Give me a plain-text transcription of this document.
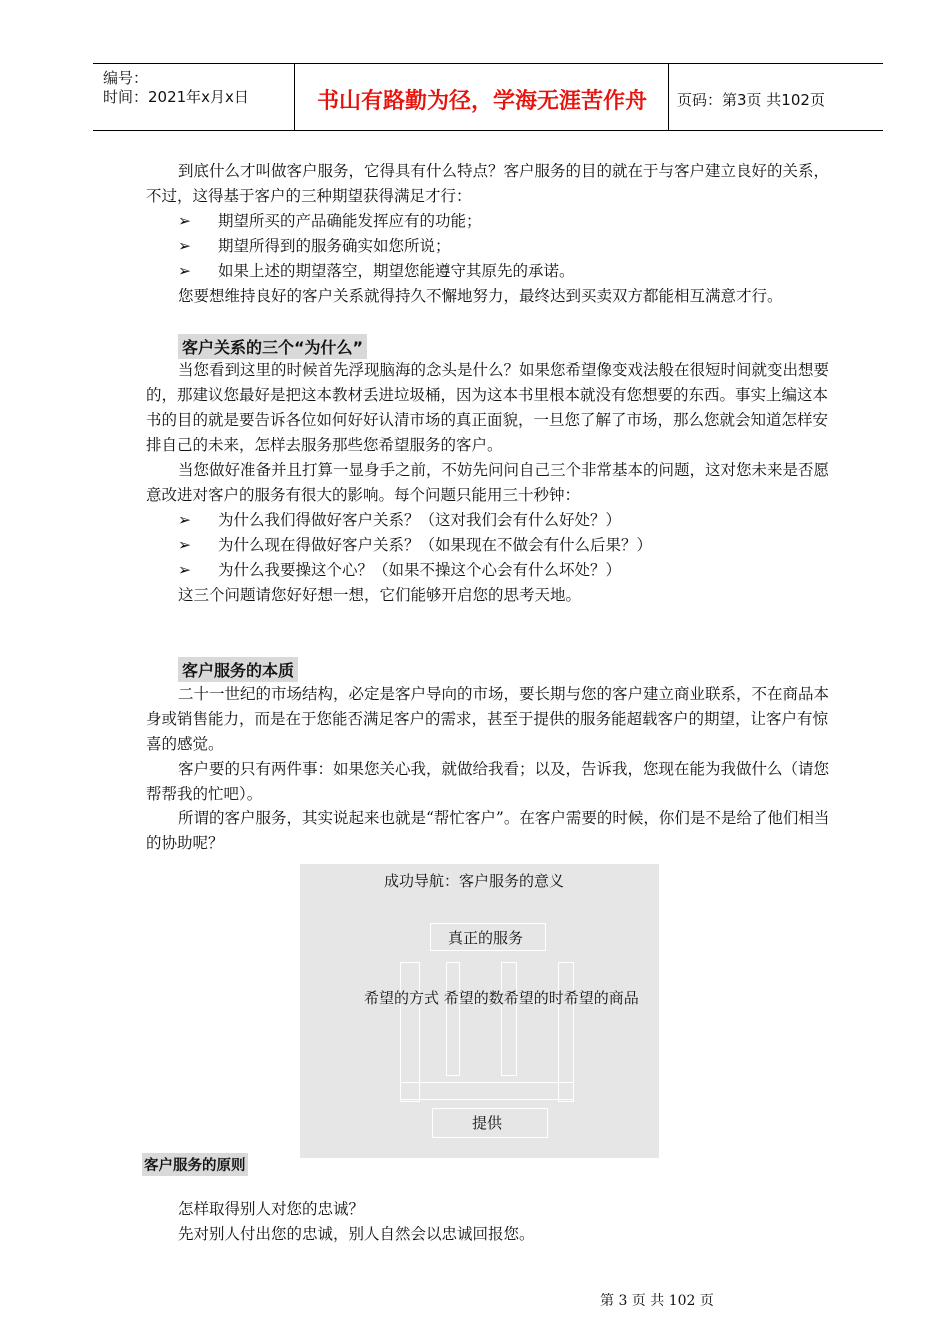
编号：
时间：2021年x月x日	书山有路勤为径，学海无涯苦作舟	页码：第3页 共102页

到底什么才叫做客户服务，它得具有什么特点？客户服务的目的就在于与客户建立良好的关系，不过，这得基于客户的三种期望获得满足才行：

➢ 期望所买的产品确能发挥应有的功能；
➢ 期望所得到的服务确实如您所说；
➢ 如果上述的期望落空，期望您能遵守其原先的承诺。

您要想维持良好的客户关系就得持久不懈地努力，最终达到买卖双方都能相互满意才行。

客户关系的三个“为什么”

当您看到这里的时候首先浮现脑海的念头是什么？如果您希望像变戏法般在很短时间就变出想要的，那建议您最好是把这本教材丢进垃圾桶，因为这本书里根本就没有您想要的东西。事实上编这本书的目的就是要告诉各位如何好好认清市场的真正面貌，一旦您了解了市场，那么您就会知道怎样安排自己的未来，怎样去服务那些您希望服务的客户。

当您做好准备并且打算一显身手之前，不妨先问问自己三个非常基本的问题，这对您未来是否愿意改进对客户的服务有很大的影响。每个问题只能用三十秒钟：

➢ 为什么我们得做好客户关系？（这对我们会有什么好处？）
➢ 为什么现在得做好客户关系？（如果现在不做会有什么后果？）
➢ 为什么我要操这个心？（如果不操这个心会有什么坏处？）

这三个问题请您好好想一想，它们能够开启您的思考天地。

客户服务的本质

二十一世纪的市场结构，必定是客户导向的市场，要长期与您的客户建立商业联系，不在商品本身或销售能力，而是在于您能否满足客户的需求，甚至于提供的服务能超载客户的期望，让客户有惊喜的感觉。

客户要的只有两件事：如果您关心我，就做给我看；以及，告诉我，您现在能为我做什么（请您帮帮我的忙吧）。

所谓的客户服务，其实说起来也就是“帮忙客户”。在客户需要的时候，你们是不是给了他们相当的协助呢？

成功导航：客户服务的意义
真正的服务
希望的方式 希望的数希望的时希望的商品
提供
客户服务的原则

怎样取得别人对您的忠诚？

先对别人付出您的忠诚，别人自然会以忠诚回报您。

第 3 页 共 102 页
